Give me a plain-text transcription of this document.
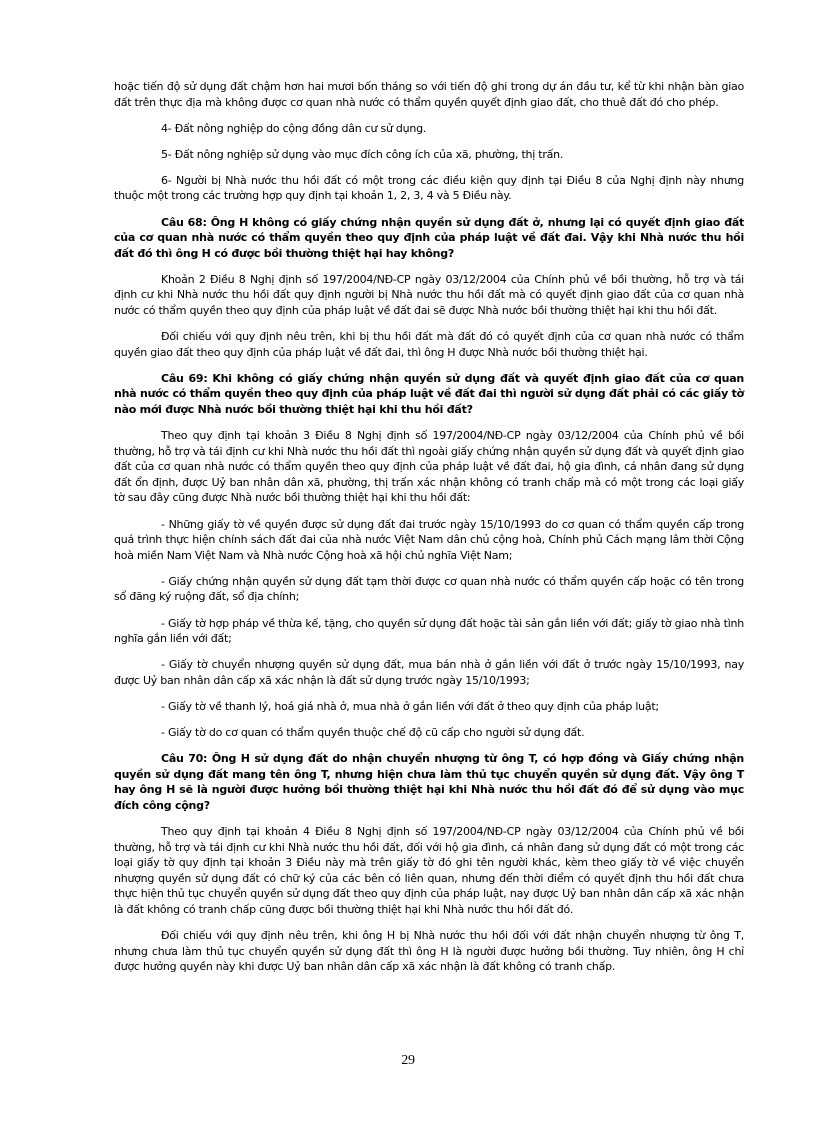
hoặc tiến độ sử dụng đất chậm hơn hai mươi bốn tháng so với tiến độ ghi trong dự án đầu tư, kể từ khi nhận bàn giao đất trên thực địa mà không được cơ quan nhà nước có thẩm quyền quyết định giao đất, cho thuê đất đó cho phép.

4- Đất nông nghiệp do cộng đồng dân cư sử dụng.

5- Đất nông nghiệp sử dụng vào mục đích công ích của xã, phường, thị trấn.

6- Người bị Nhà nước thu hồi đất có một trong các điều kiện quy định tại Điều 8 của Nghị định này nhưng thuộc một trong các trường hợp quy định tại khoản 1, 2, 3, 4 và 5 Điều này.

Câu 68: Ông H không có giấy chứng nhận quyền sử dụng đất ở, nhưng lại có quyết định giao đất của cơ quan nhà nước có thẩm quyền theo quy định của pháp luật về đất đai. Vậy khi Nhà nước thu hồi đất đó thì ông H có được bồi thường thiệt hại hay không?

Khoản 2 Điều 8 Nghị định số 197/2004/NĐ-CP ngày 03/12/2004 của Chính phủ về bồi thường, hỗ trợ và tái định cư khi Nhà nước thu hồi đất quy định người bị Nhà nước thu hồi đất mà có quyết định giao đất của cơ quan nhà nước có thẩm quyền theo quy định của pháp luật về đất đai sẽ được Nhà nước bồi thường thiệt hại khi thu hồi đất.

Đối chiếu với quy định nêu trên, khi bị thu hồi đất mà đất đó có quyết định của cơ quan nhà nước có thẩm quyền giao đất theo quy định của pháp luật về đất đai, thì ông H được Nhà nước bồi thường thiệt hại.

Câu 69: Khi không có giấy chứng nhận quyền sử dụng đất và quyết định giao đất của cơ quan nhà nước có thẩm quyền theo quy định của pháp luật về đất đai thì người sử dụng đất phải có các giấy tờ nào mới được Nhà nước bồi thường thiệt hại khi thu hồi đất?

Theo quy định tại khoản 3 Điều 8 Nghị định số 197/2004/NĐ-CP ngày 03/12/2004 của Chính phủ về bồi thường, hỗ trợ và tái định cư khi Nhà nước thu hồi đất thì ngoài giấy chứng nhận quyền sử dụng đất và quyết định giao đất của cơ quan nhà nước có thẩm quyền theo quy định của pháp luật về đất đai, hộ gia đình, cá nhân đang sử dụng đất ổn định, được Uỷ ban nhân dân xã, phường, thị trấn xác nhận không có tranh chấp mà có một trong các loại giấy tờ sau đây cũng được Nhà nước bồi thường thiệt hại khi thu hồi đất:

- Những giấy tờ về quyền được sử dụng đất đai trước ngày 15/10/1993 do cơ quan có thẩm quyền cấp trong quá trình thực hiện chính sách đất đai của nhà nước Việt Nam dân chủ cộng hoà, Chính phủ Cách mạng lâm thời Cộng hoà miền Nam Việt Nam và Nhà nước Cộng hoà xã hội chủ nghĩa Việt Nam;

- Giấy chứng nhận quyền sử dụng đất tạm thời được cơ quan nhà nước có thẩm quyền cấp hoặc có tên trong sổ đăng ký ruộng đất, sổ địa chính;

- Giấy tờ hợp pháp về thừa kế, tặng, cho quyền sử dụng đất hoặc tài sản gắn liền với đất; giấy tờ giao nhà tình nghĩa gắn liền với đất;

- Giấy tờ chuyển nhượng quyền sử dụng đất, mua bán nhà ở gắn liền với đất ở trước ngày 15/10/1993, nay được Uỷ ban nhân dân cấp xã xác nhận là đất sử dụng trước ngày 15/10/1993;

- Giấy tờ về thanh lý, hoá giá nhà ở, mua nhà ở gắn liền với đất ở theo quy định của pháp luật;

- Giấy tờ do cơ quan có thẩm quyền thuộc chế độ cũ cấp cho người sử dụng đất.

Câu 70: Ông H sử dụng đất do nhận chuyển nhượng từ ông T, có hợp đồng và Giấy chứng nhận quyền sử dụng đất mang tên ông T, nhưng hiện chưa làm thủ tục chuyển quyền sử dụng đất. Vậy ông T hay ông H sẽ là người được hưởng bồi thường thiệt hại khi Nhà nước thu hồi đất đó để sử dụng vào mục đích công cộng?

Theo quy định tại khoản 4 Điều 8 Nghị định số 197/2004/NĐ-CP ngày 03/12/2004 của Chính phủ về bồi thường, hỗ trợ và tái định cư khi Nhà nước thu hồi đất, đối với hộ gia đình, cá nhân đang sử dụng đất có một trong các loại giấy tờ quy định tại khoản 3 Điều này mà trên giấy tờ đó ghi tên người khác, kèm theo giấy tờ về việc chuyển nhượng quyền sử dụng đất có chữ ký của các bên có liên quan, nhưng đến thời điểm có quyết định thu hồi đất chưa thực hiện thủ tục chuyển quyền sử dụng đất theo quy định của pháp luật, nay được Uỷ ban nhân dân cấp xã xác nhận là đất không có tranh chấp cũng được bồi thường thiệt hại khi Nhà nước thu hồi đất đó.

Đối chiếu với quy định nêu trên, khi ông H bị Nhà nước thu hồi đối với đất nhận chuyển nhượng từ ông T, nhưng chưa làm thủ tục chuyển quyền sử dụng đất thì ông H là người được hưởng bồi thường. Tuy nhiên, ông H chỉ được hưởng quyền này khi được Uỷ ban nhân dân cấp xã xác nhận là đất không có tranh chấp.

29
